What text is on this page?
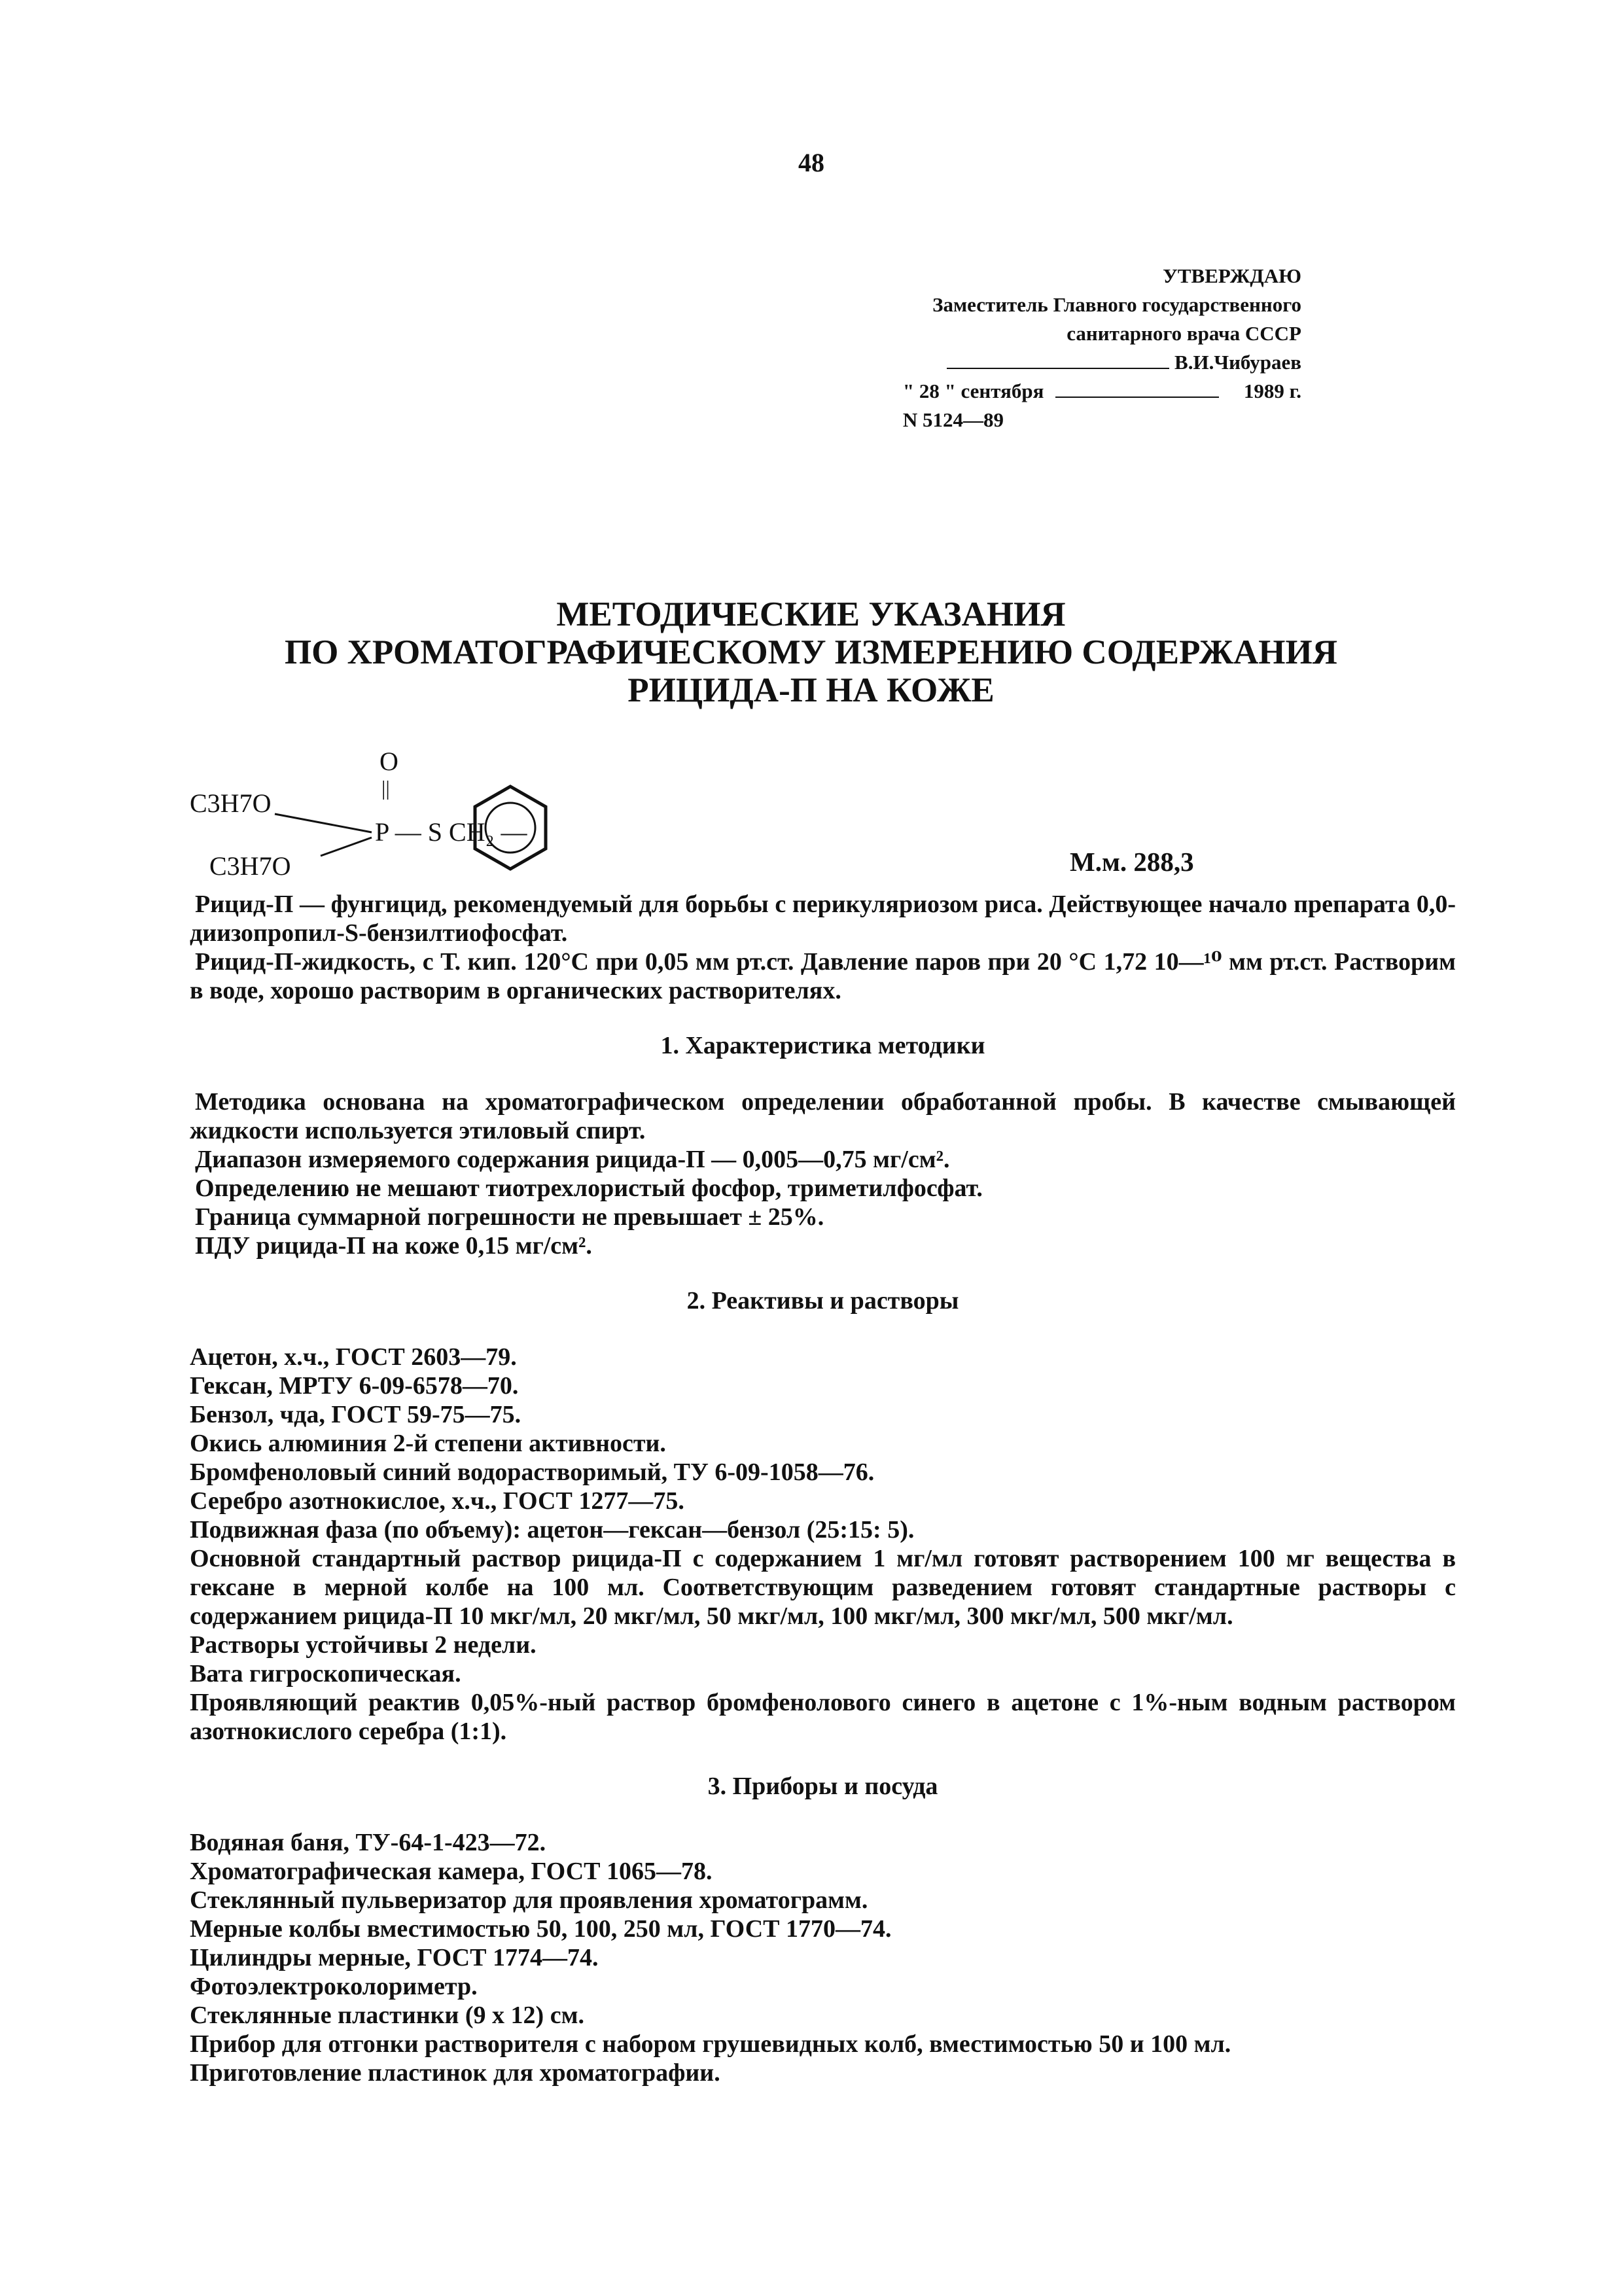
48
УТВЕРЖДАЮ
Заместитель Главного государственного
санитарного врача СССР
В.И.Чибураев
" 28 " сентября	1989 г.
N 5124—89
МЕТОДИЧЕСКИЕ УКАЗАНИЯ
ПО ХРОМАТОГРАФИЧЕСКОМУ ИЗМЕРЕНИЮ СОДЕРЖАНИЯ
РИЦИДА-П НА КОЖЕ
O
||
C3H7O
C3H7O
P — S CH₂ —
М.м. 288,3

Рицид-П — фунгицид, рекомендуемый для борьбы с перикуляриозом риса. Действующее начало препарата 0,0-диизопропил-S-бензилтиофосфат.

Рицид-П-жидкость, с Т. кип. 120°С при 0,05 мм рт.ст. Давление паров при 20 °С 1,72 10—¹⁰ мм рт.ст. Растворим в воде, хорошо растворим в органических растворителях.

1. Характеристика методики

Методика основана на хроматографическом определении обработанной пробы. В качестве смывающей жидкости используется этиловый спирт.

Диапазон измеряемого содержания рицида-П — 0,005—0,75 мг/см².

Определению не мешают тиотрехлористый фосфор, триметилфосфат.

Граница суммарной погрешности не превышает ± 25%.

ПДУ рицида-П на коже 0,15 мг/см².

2. Реактивы и растворы

Ацетон, х.ч., ГОСТ 2603—79.

Гексан, МРТУ 6-09-6578—70.

Бензол, чда, ГОСТ 59-75—75.

Окись алюминия 2-й степени активности.

Бромфеноловый синий водорастворимый, ТУ 6-09-1058—76.

Серебро азотнокислое, х.ч., ГОСТ 1277—75.

Подвижная фаза (по объему): ацетон—гексан—бензол (25:15: 5).

Основной стандартный раствор рицида-П с содержанием 1 мг/мл готовят растворением 100 мг вещества в гексане в мерной колбе на 100 мл. Соответствующим разведением готовят стандартные растворы с содержанием рицида-П 10 мкг/мл, 20 мкг/мл, 50 мкг/мл, 100 мкг/мл, 300 мкг/мл, 500 мкг/мл.

Растворы устойчивы 2 недели.

Вата гигроскопическая.

Проявляющий реактив 0,05%-ный раствор бромфенолового синего в ацетоне с 1%-ным водным раствором азотнокислого серебра (1:1).

3. Приборы и посуда

Водяная баня, ТУ-64-1-423—72.

Хроматографическая камера, ГОСТ 1065—78.

Стеклянный пульверизатор для проявления хроматограмм.

Мерные колбы вместимостью 50, 100, 250 мл, ГОСТ 1770—74.

Цилиндры мерные, ГОСТ 1774—74.

Фотоэлектроколориметр.

Стеклянные пластинки (9 х 12) см.

Прибор для отгонки растворителя с набором грушевидных колб, вместимостью 50 и 100 мл.

Приготовление пластинок для хроматографии.
